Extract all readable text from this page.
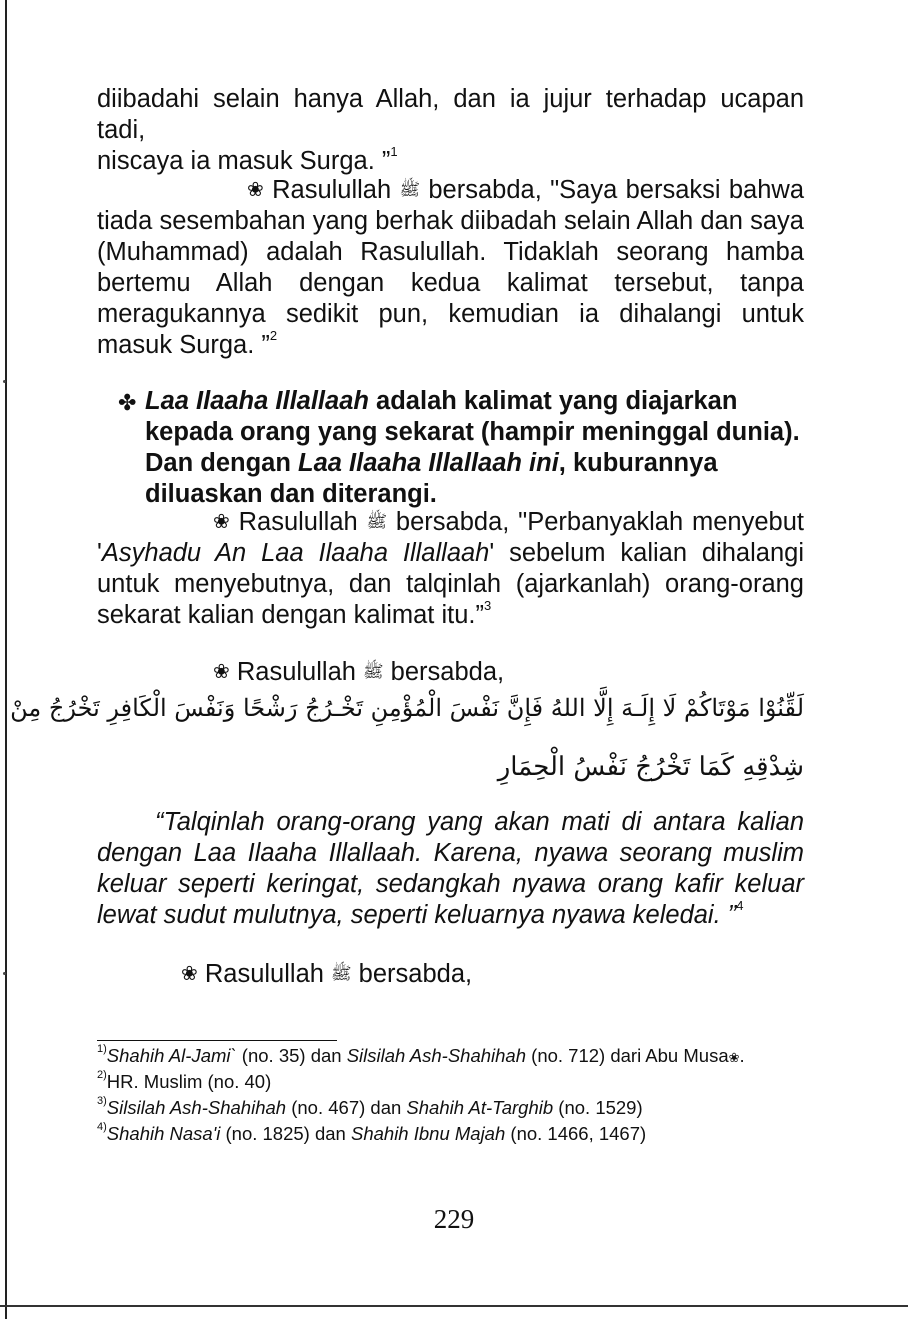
diibadahi selain hanya Allah, dan ia jujur terhadap ucapan tadi,
niscaya ia masuk Surga. ”$^1$

❀ Rasulullah ﷺ bersabda, "Saya bersaksi bahwa tiada sesembahan yang berhak diibadah selain Allah dan saya (Muhammad) adalah Rasulullah. Tidaklah seorang hamba bertemu Allah dengan kedua kalimat tersebut, tanpa meragukannya sedikit pun, kemudian ia dihalangi untuk masuk Surga. ”$^2$

✤ Laa Ilaaha Illallaah adalah kalimat yang diajarkan kepada orang yang sekarat (hampir meninggal dunia). Dan dengan Laa Ilaaha Illallaah ini, kuburannya diluaskan dan diterangi.

❀ Rasulullah ﷺ bersabda, "Perbanyaklah menyebut 'Asyhadu An Laa Ilaaha Illallaah' sebelum kalian dihalangi untuk menyebutnya, dan talqinlah (ajarkanlah) orang-orang sekarat kalian dengan kalimat itu.”$^3$

❀ Rasulullah ﷺ bersabda,

لَقِّنُوْا مَوْتَاكُمْ لَا إِلَـهَ إِلَّا اللهُ فَإِنَّ نَفْسَ الْمُؤْمِنِ تَخْـرُجُ رَشْحًا وَنَفْسَ الْكَافِرِ تَخْرُجُ مِنْ

شِدْقِهِ كَمَا تَخْرُجُ نَفْسُ الْحِمَارِ

“Talqinlah orang-orang yang akan mati di antara kalian dengan Laa Ilaaha Illallaah. Karena, nyawa seorang muslim keluar seperti keringat, sedangkah nyawa orang kafir keluar lewat sudut mulutnya, seperti keluarnya nyawa keledai. ”$^4$

❀ Rasulullah ﷺ bersabda,

$^{1)}$Shahih Al-Jami` (no. 35) dan Silsilah Ash-Shahihah (no. 712) dari Abu Musa❀.

$^{2)}$HR. Muslim (no. 40)

$^{3)}$Silsilah Ash-Shahihah (no. 467) dan Shahih At-Targhib (no. 1529)

$^{4)}$Shahih Nasa'i (no. 1825) dan Shahih Ibnu Majah (no. 1466, 1467)

229
